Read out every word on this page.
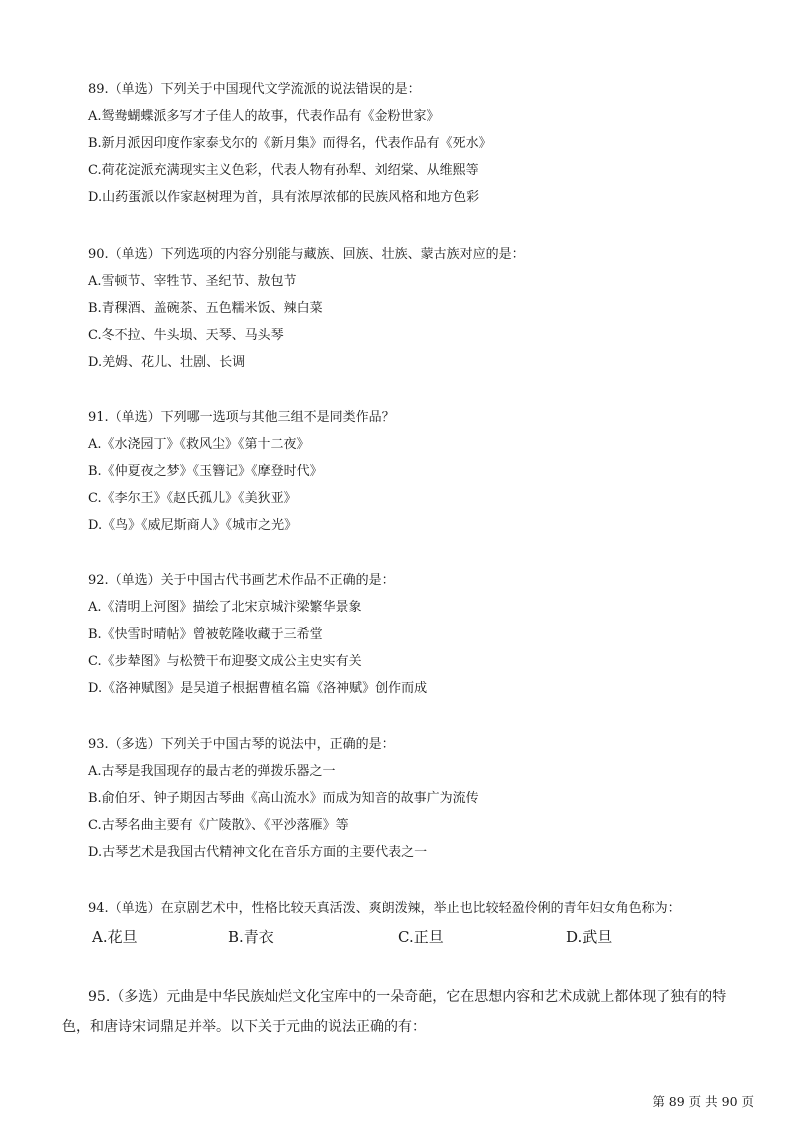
89.（单选）下列关于中国现代文学流派的说法错误的是：
A.鸳鸯蝴蝶派多写才子佳人的故事，代表作品有《金粉世家》
B.新月派因印度作家泰戈尔的《新月集》而得名，代表作品有《死水》
C.荷花淀派充满现实主义色彩，代表人物有孙犁、刘绍棠、从维熙等
D.山药蛋派以作家赵树理为首，具有浓厚浓郁的民族风格和地方色彩
90.（单选）下列选项的内容分别能与藏族、回族、壮族、蒙古族对应的是：
A.雪顿节、宰牲节、圣纪节、敖包节
B.青稞酒、盖碗茶、五色糯米饭、辣白菜
C.冬不拉、牛头埙、天琴、马头琴
D.羌姆、花儿、壮剧、长调
91.（单选）下列哪一选项与其他三组不是同类作品？
A.《水浇园丁》《救风尘》《第十二夜》
B.《仲夏夜之梦》《玉簪记》《摩登时代》
C.《李尔王》《赵氏孤儿》《美狄亚》
D.《鸟》《威尼斯商人》《城市之光》
92.（单选）关于中国古代书画艺术作品不正确的是：
A.《清明上河图》描绘了北宋京城汴梁繁华景象
B.《快雪时晴帖》曾被乾隆收藏于三希堂
C.《步辇图》与松赞干布迎娶文成公主史实有关
D.《洛神赋图》是吴道子根据曹植名篇《洛神赋》创作而成
93.（多选）下列关于中国古琴的说法中，正确的是：
A.古琴是我国现存的最古老的弹拨乐器之一
B.俞伯牙、钟子期因古琴曲《高山流水》而成为知音的故事广为流传
C.古琴名曲主要有《广陵散》、《平沙落雁》等
D.古琴艺术是我国古代精神文化在音乐方面的主要代表之一
94.（单选）在京剧艺术中，性格比较天真活泼、爽朗泼辣，举止也比较轻盈伶俐的青年妇女角色称为：
A.花旦	B.青衣	C.正旦	D.武旦
95.（多选）元曲是中华民族灿烂文化宝库中的一朵奇葩，它在思想内容和艺术成就上都体现了独有的特色，和唐诗宋词鼎足并举。以下关于元曲的说法正确的有：
第 89 页 共 90 页
